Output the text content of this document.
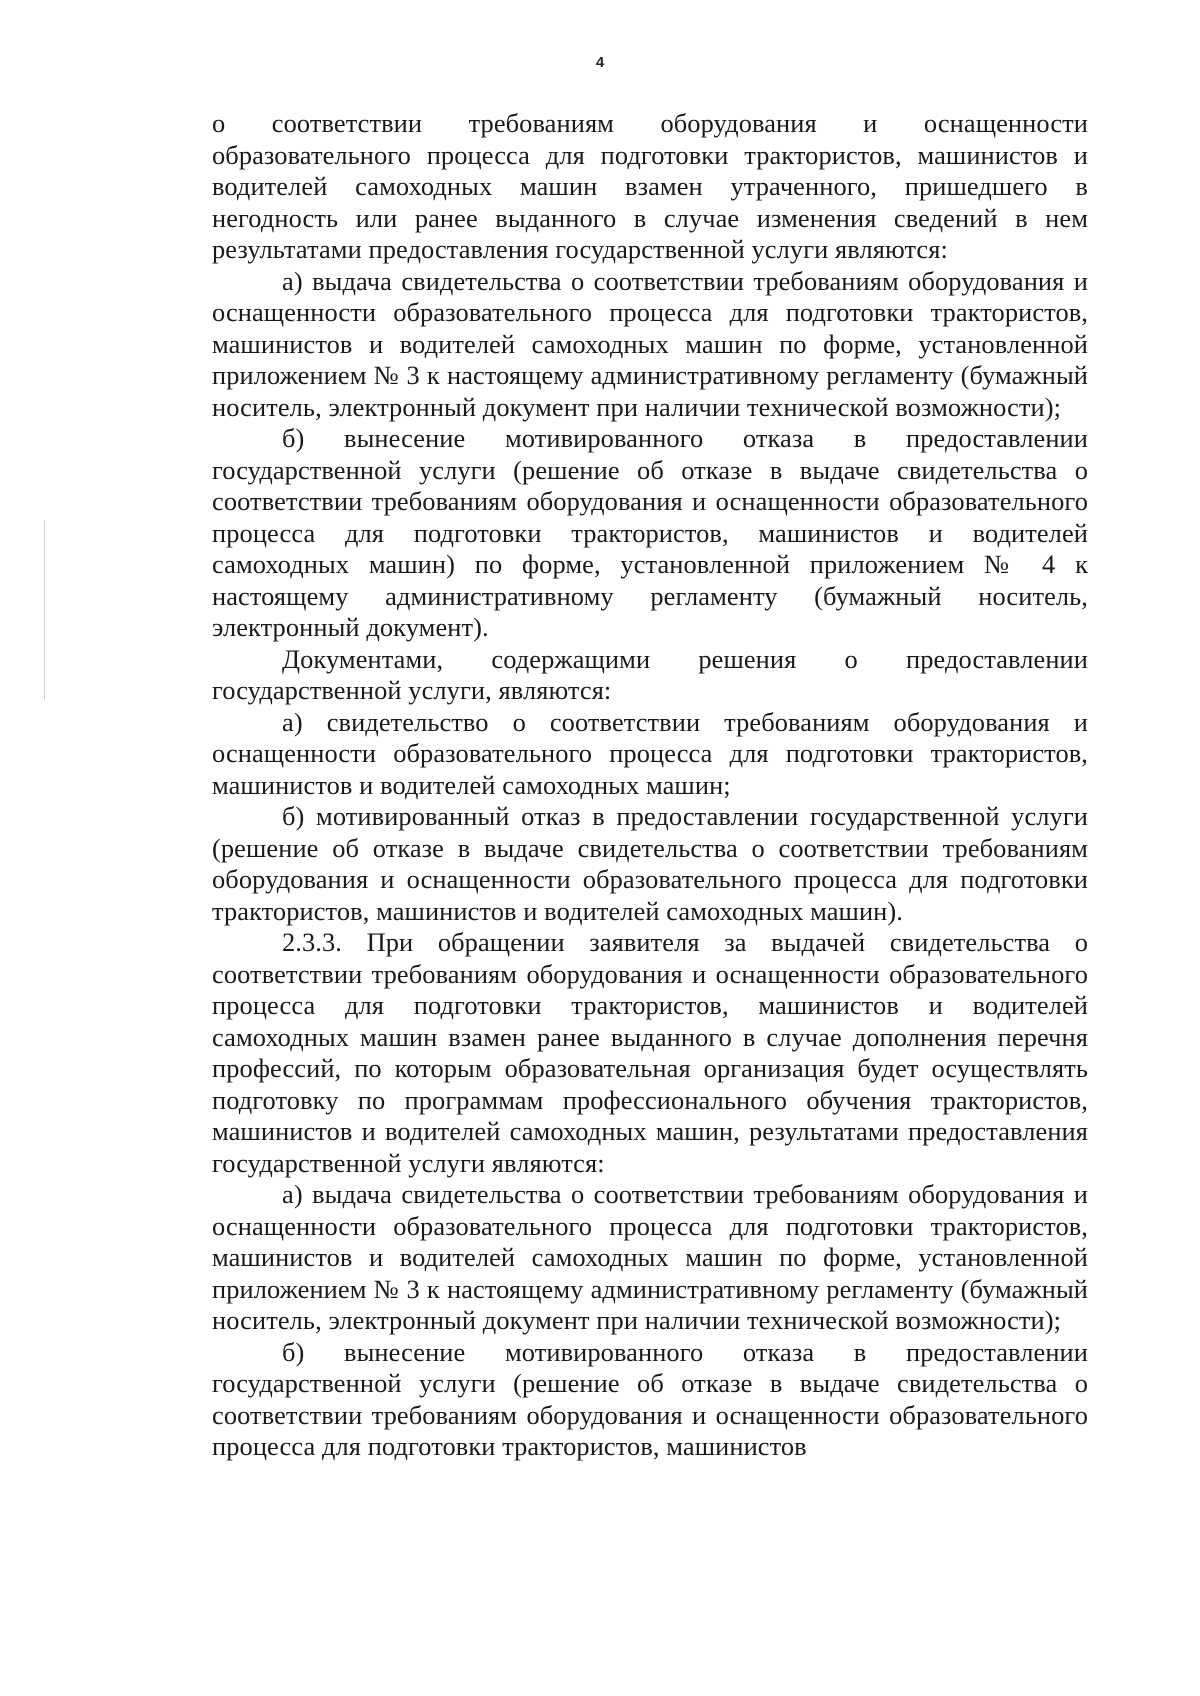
4

о соответствии требованиям оборудования и оснащенности образовательного процесса для подготовки трактористов, машинистов и водителей самоходных машин взамен утраченного, пришедшего в негодность или ранее выданного в случае изменения сведений в нем результатами предоставления государственной услуги являются:

а) выдача свидетельства о соответствии требованиям оборудования и оснащенности образовательного процесса для подготовки трактористов, машинистов и водителей самоходных машин по форме, установленной приложением № 3 к настоящему административному регламенту (бумажный носитель, электронный документ при наличии технической возможности);

б) вынесение мотивированного отказа в предоставлении государственной услуги (решение об отказе в выдаче свидетельства о соответствии требованиям оборудования и оснащенности образовательного процесса для подготовки трактористов, машинистов и водителей самоходных машин) по форме, установленной приложением № 4 к настоящему административному регламенту (бумажный носитель, электронный документ).

Документами, содержащими решения о предоставлении государственной услуги, являются:

а) свидетельство о соответствии требованиям оборудования и оснащенности образовательного процесса для подготовки трактористов, машинистов и водителей самоходных машин;

б) мотивированный отказ в предоставлении государственной услуги (решение об отказе в выдаче свидетельства о соответствии требованиям оборудования и оснащенности образовательного процесса для подготовки трактористов, машинистов и водителей самоходных машин).

2.3.3. При обращении заявителя за выдачей свидетельства о соответствии требованиям оборудования и оснащенности образовательного процесса для подготовки трактористов, машинистов и водителей самоходных машин взамен ранее выданного в случае дополнения перечня профессий, по которым образовательная организация будет осуществлять подготовку по программам профессионального обучения трактористов, машинистов и водителей самоходных машин, результатами предоставления государственной услуги являются:

а) выдача свидетельства о соответствии требованиям оборудования и оснащенности образовательного процесса для подготовки трактористов, машинистов и водителей самоходных машин по форме, установленной приложением № 3 к настоящему административному регламенту (бумажный носитель, электронный документ при наличии технической возможности);

б) вынесение мотивированного отказа в предоставлении государственной услуги (решение об отказе в выдаче свидетельства о соответствии требованиям оборудования и оснащенности образовательного процесса для подготовки трактористов, машинистов
